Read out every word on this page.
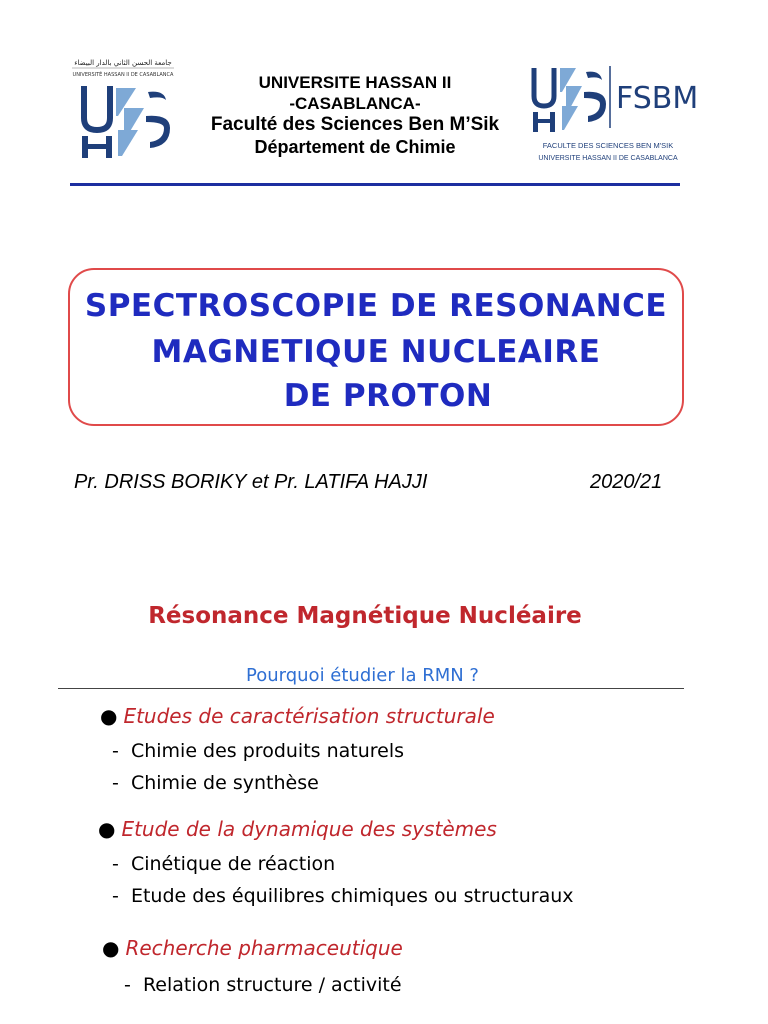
جامعة الحسن الثاني بالدار البيضاء
UNIVERSITÉ HASSAN II DE CASABLANCA	UNIVERSITE HASSAN II
-CASABLANCA-
Faculté des Sciences Ben M’Sik
Département de Chimie
FSBM
FACULTE DES SCIENCES BEN M'SIK
UNIVERSITE HASSAN II DE CASABLANCA
SPECTROSCOPIE DE RESONANCE
MAGNETIQUE NUCLEAIRE
DE PROTON
Pr. DRISS BORIKY et Pr. LATIFA HAJJI	2020/21
Résonance Magnétique Nucléaire
Pourquoi étudier la RMN ?
● Etudes de caractérisation structurale
- Chimie des produits naturels
- Chimie de synthèse
● Etude de la dynamique des systèmes
- Cinétique de réaction
- Etude des équilibres chimiques ou structuraux
● Recherche pharmaceutique
- Relation structure / activité
